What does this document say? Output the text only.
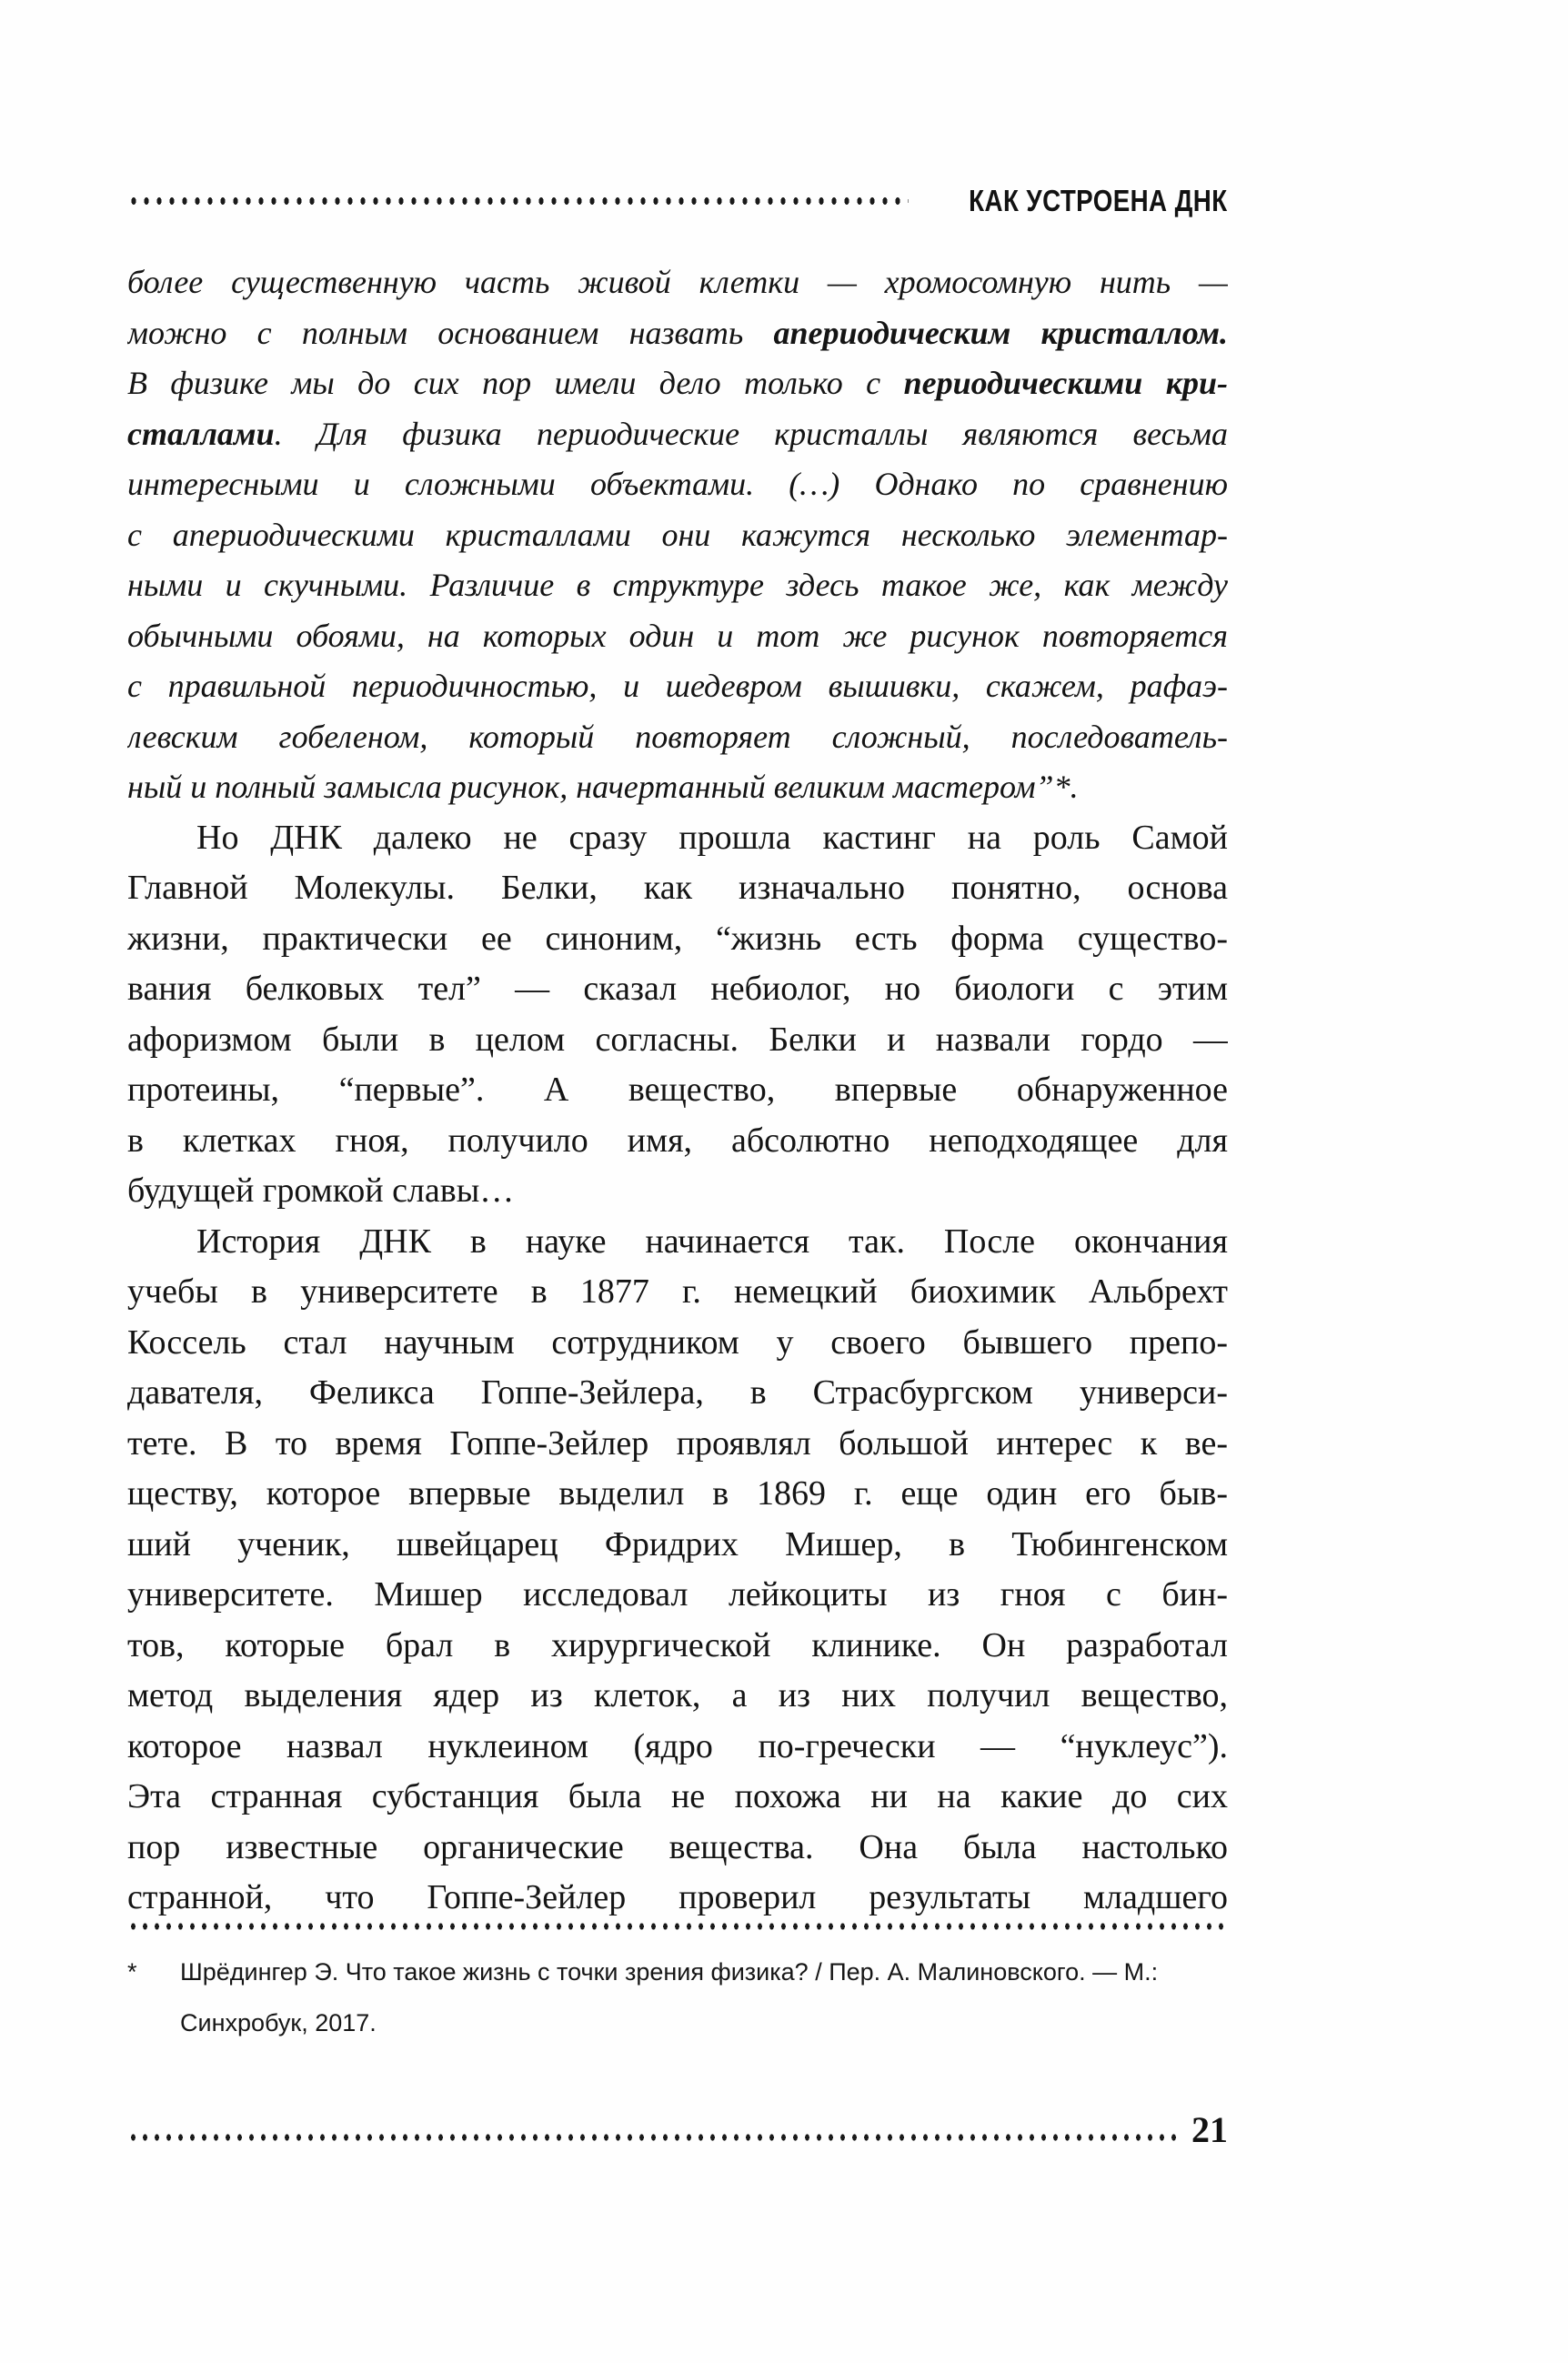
КАК УСТРОЕНА ДНК
более существенную часть живой клетки — хромосомную нить —
можно с полным основанием назвать апериодическим кристаллом.
В физике мы до сих пор имели дело только с периодическими кри-
сталлами. Для физика периодические кристаллы являются весьма
интересными и сложными объектами. (…) Однако по сравнению
с апериодическими кристаллами они кажутся несколько элементар-
ными и скучными. Различие в структуре здесь такое же, как между
обычными обоями, на которых один и тот же рисунок повторяется
с правильной периодичностью, и шедевром вышивки, скажем, рафаэ-
левским гобеленом, который повторяет сложный, последователь-
ный и полный замысла рисунок, начертанный великим мастером”*.
Но ДНК далеко не сразу прошла кастинг на роль Самой
Главной Молекулы. Белки, как изначально понятно, основа
жизни, практически ее синоним, “жизнь есть форма существо-
вания белковых тел” — сказал небиолог, но биологи с этим
афоризмом были в целом согласны. Белки и назвали гордо —
протеины, “первые”. А вещество, впервые обнаруженное
в клетках гноя, получило имя, абсолютно неподходящее для
будущей громкой славы…
История ДНК в науке начинается так. После окончания
учебы в университете в 1877 г. немецкий биохимик Альбрехт
Коссель стал научным сотрудником у своего бывшего препо-
давателя, Феликса Гоппе-Зейлера, в Страсбургском универси-
тете. В то время Гоппе-Зейлер проявлял большой интерес к ве-
ществу, которое впервые выделил в 1869 г. еще один его быв-
ший ученик, швейцарец Фридрих Мишер, в Тюбингенском
университете. Мишер исследовал лейкоциты из гноя с бин-
тов, которые брал в хирургической клинике. Он разработал
метод выделения ядер из клеток, а из них получил вещество,
которое назвал нуклеином (ядро по-гречески — “нуклеус”).
Эта странная субстанция была не похожа ни на какие до сих
пор известные органические вещества. Она была настолько
странной, что Гоппе-Зейлер проверил результаты младшего
*	Шрёдингер Э. Что такое жизнь с точки зрения физика? / Пер. А. Малиновского. — М.:
Синхробук, 2017.
21
